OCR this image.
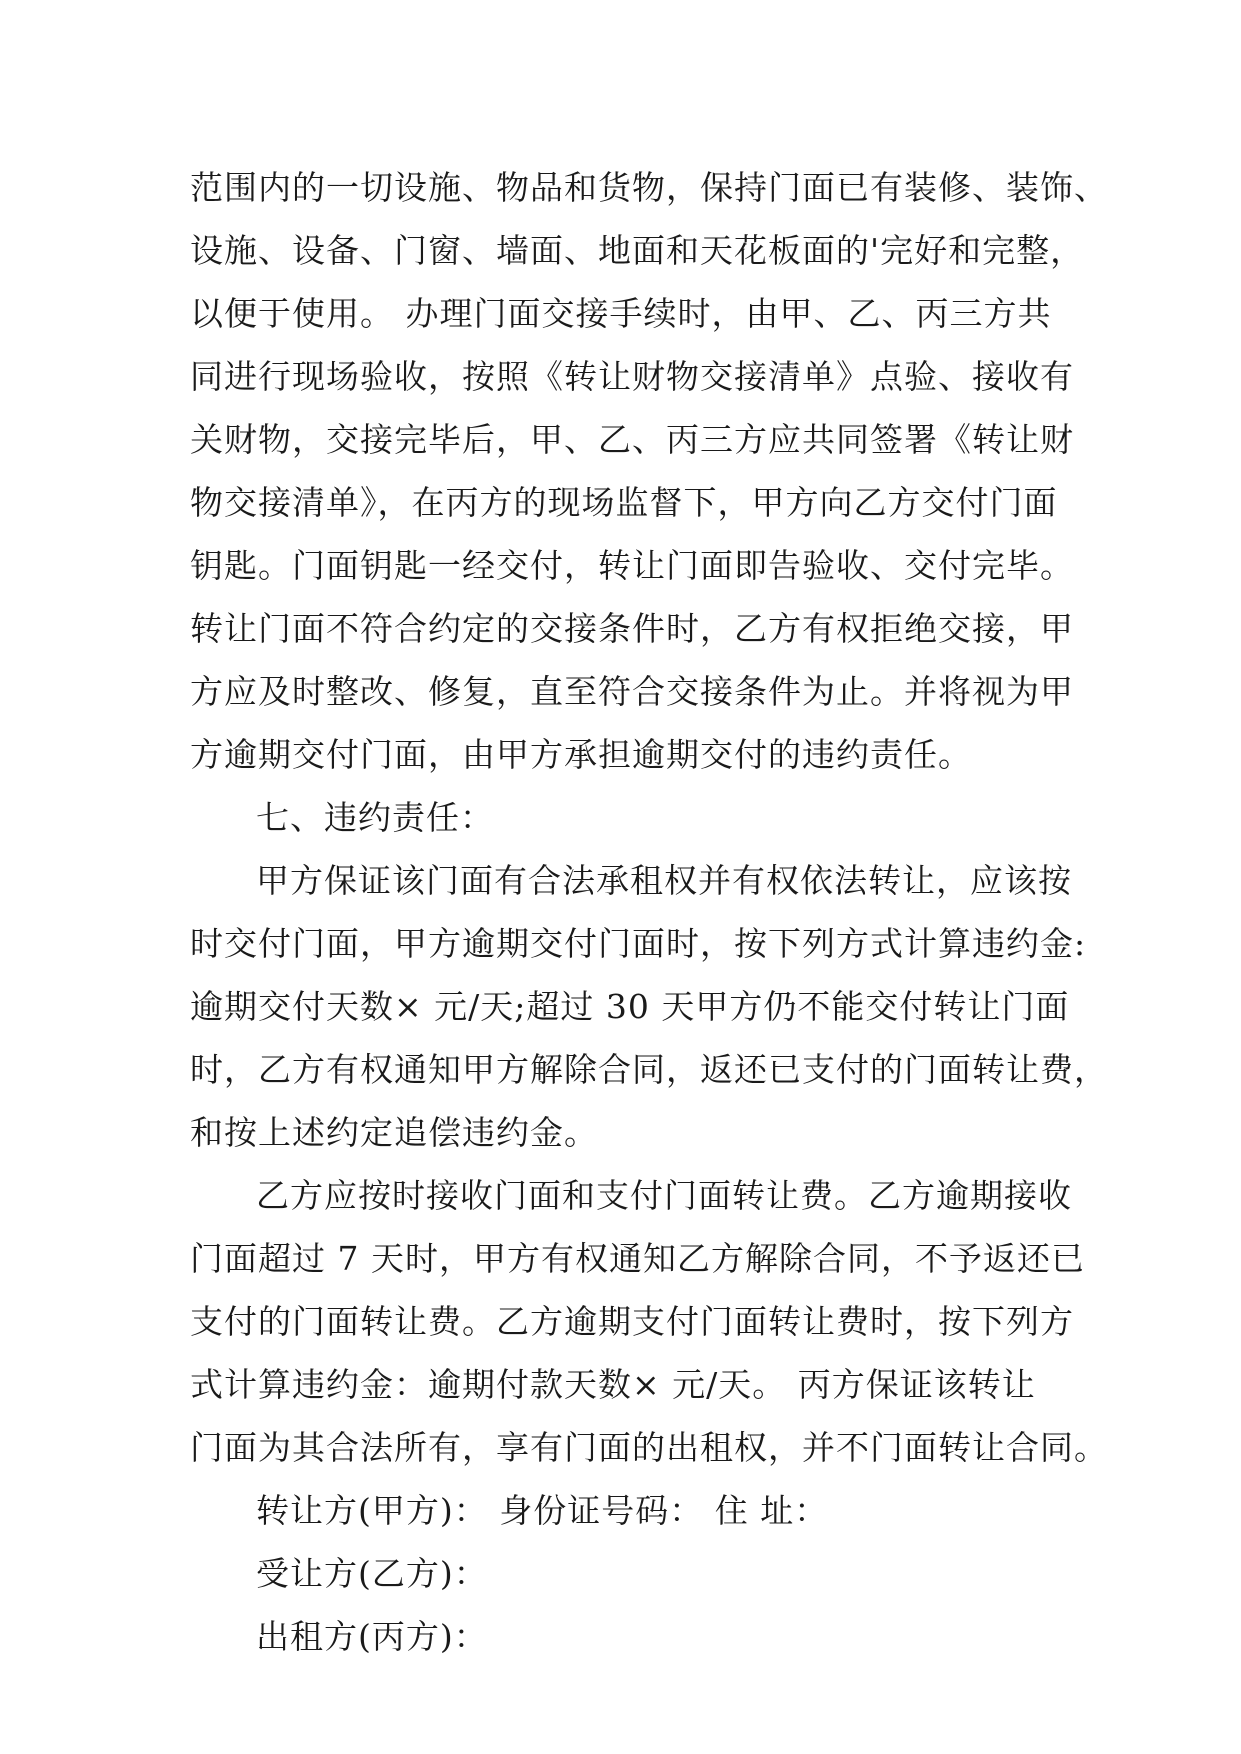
范围内的一切设施、物品和货物，保持门面已有装修、装饰、
设施、设备、门窗、墙面、地面和天花板面的'完好和完整，
以便于使用。 办理门面交接手续时，由甲、乙、丙三方共
同进行现场验收，按照《转让财物交接清单》点验、接收有
关财物，交接完毕后，甲、乙、丙三方应共同签署《转让财
物交接清单》，在丙方的现场监督下，甲方向乙方交付门面
钥匙。门面钥匙一经交付，转让门面即告验收、交付完毕。
转让门面不符合约定的交接条件时，乙方有权拒绝交接，甲
方应及时整改、修复，直至符合交接条件为止。并将视为甲
方逾期交付门面，由甲方承担逾期交付的违约责任。
七、违约责任：
甲方保证该门面有合法承租权并有权依法转让，应该按
时交付门面，甲方逾期交付门面时，按下列方式计算违约金:
逾期交付天数× 元/天;超过 30 天甲方仍不能交付转让门面
时，乙方有权通知甲方解除合同，返还已支付的门面转让费，
和按上述约定追偿违约金。
乙方应按时接收门面和支付门面转让费。乙方逾期接收
门面超过 7 天时，甲方有权通知乙方解除合同，不予返还已
支付的门面转让费。乙方逾期支付门面转让费时，按下列方
式计算违约金：逾期付款天数× 元/天。 丙方保证该转让
门面为其合法所有，享有门面的出租权，并不门面转让合同。
转让方(甲方)： 身份证号码： 住 址：
受让方(乙方)：
出租方(丙方)：
